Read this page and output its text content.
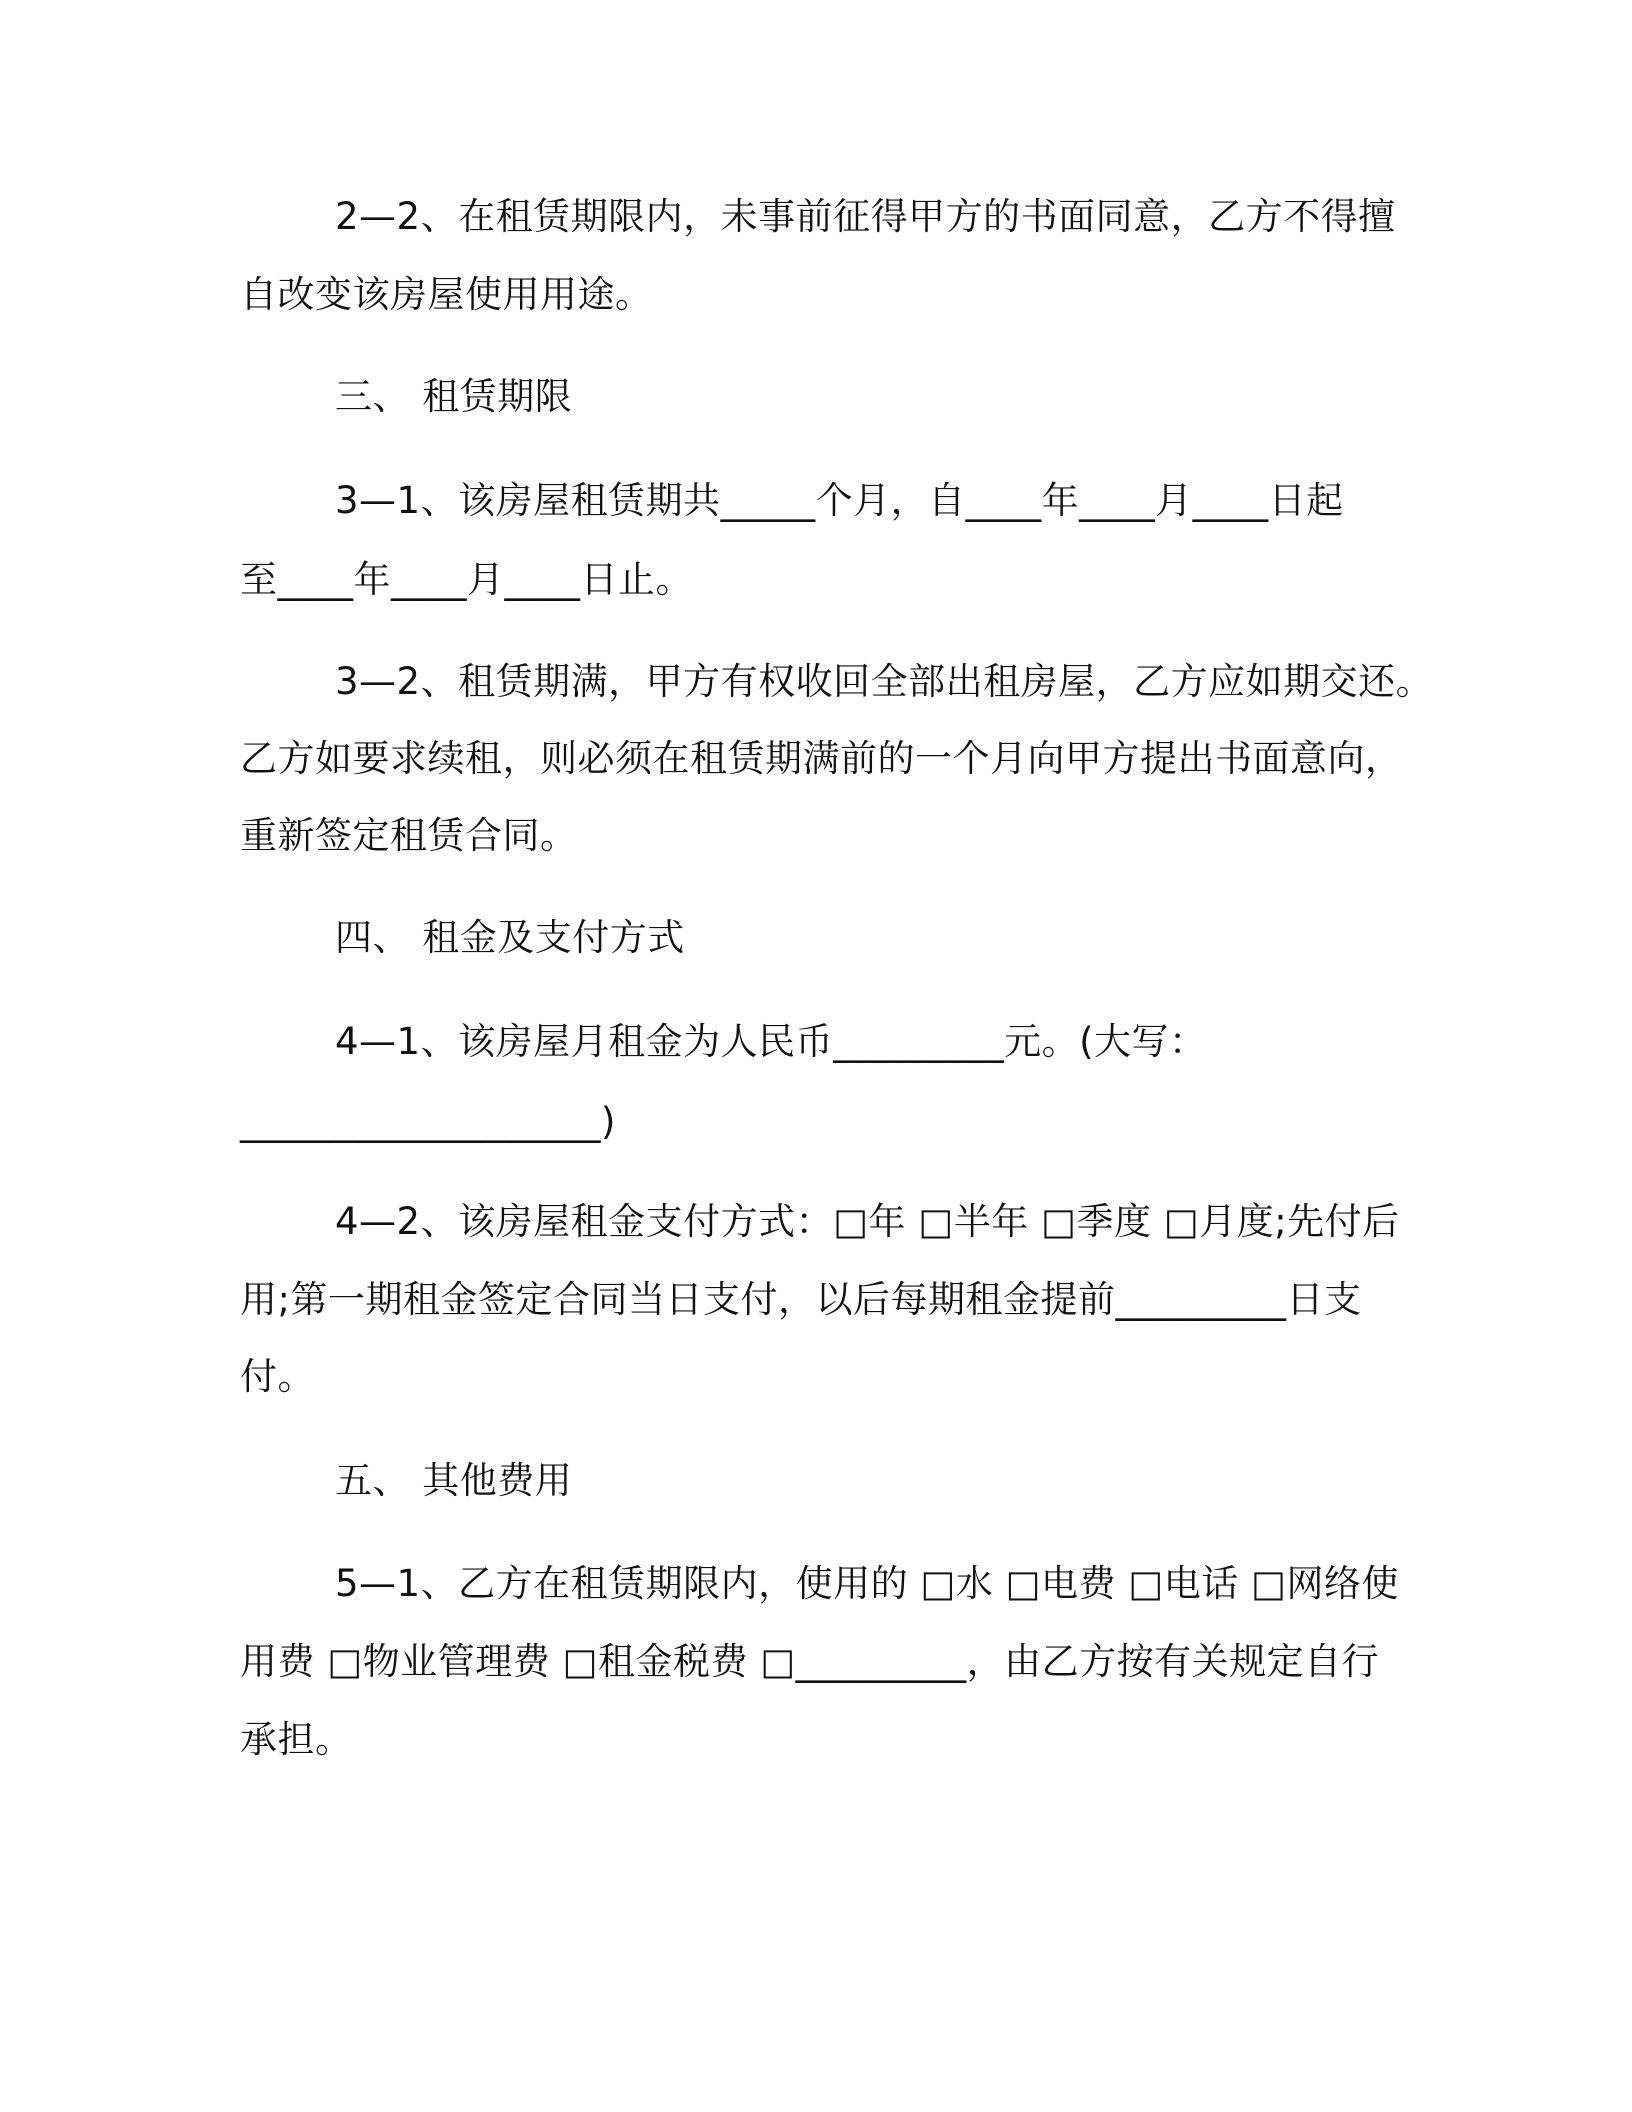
2—2、在租赁期限内，未事前征得甲方的书面同意，乙方不得擅
自改变该房屋使用用途。
三、 租赁期限
3—1、该房屋租赁期共_____个月，自____年____月____日起
至____年____月____日止。
3—2、租赁期满，甲方有权收回全部出租房屋，乙方应如期交还。
乙方如要求续租，则必须在租赁期满前的一个月向甲方提出书面意向，
重新签定租赁合同。
四、 租金及支付方式
4—1、该房屋月租金为人民币_________元。(大写：
___________________)
4—2、该房屋租金支付方式：□年 □半年 □季度 □月度;先付后
用;第一期租金签定合同当日支付，以后每期租金提前_________日支
付。
五、 其他费用
5—1、乙方在租赁期限内，使用的 □水 □电费 □电话 □网络使
用费 □物业管理费 □租金税费 □_________，由乙方按有关规定自行
承担。
